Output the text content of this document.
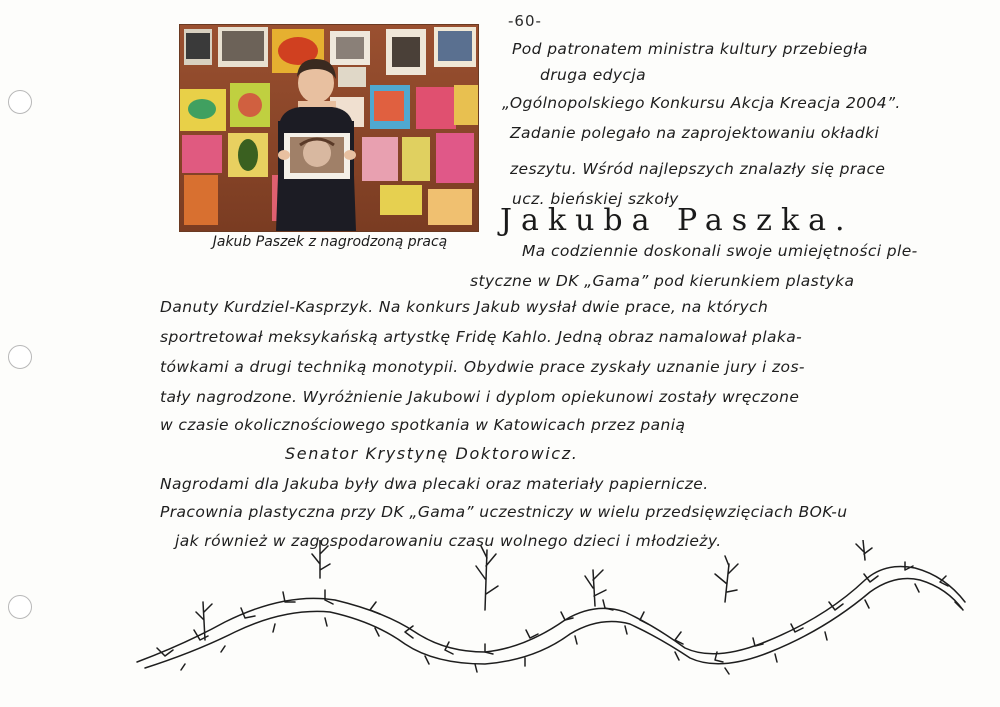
-60-
Jakub Paszek z nagrodzoną pracą
Pod patronatem ministra kultury przebiegła
druga edycja
„Ogólnopolskiego Konkursu Akcja Kreacja 2004”.
Zadanie polegało na zaprojektowaniu okładki
zeszytu. Wśród najlepszych znalazły się prace
ucz. bieńskiej szkoły
Jakuba Paszka.
Ma codziennie doskonali swoje umiejętności ple-
styczne w DK „Gama” pod kierunkiem plastyka
Danuty Kurdziel-Kasprzyk. Na konkurs Jakub wysłał dwie prace, na których
sportretował meksykańską artystkę Fridę Kahlo. Jedną obraz namalował plaka-
tówkami a drugi techniką monotypii. Obydwie prace zyskały uznanie jury i zos-
tały nagrodzone. Wyróżnienie Jakubowi i dyplom opiekunowi zostały wręczone
w czasie okolicznościowego spotkania w Katowicach przez panią
Senator Krystynę Doktorowicz.
Nagrodami dla Jakuba były dwa plecaki oraz materiały papiernicze.
Pracownia plastyczna przy DK „Gama” uczestniczy w wielu przedsięwzięciach BOK-u
jak również w zagospodarowaniu czasu wolnego dzieci i młodzieży.
